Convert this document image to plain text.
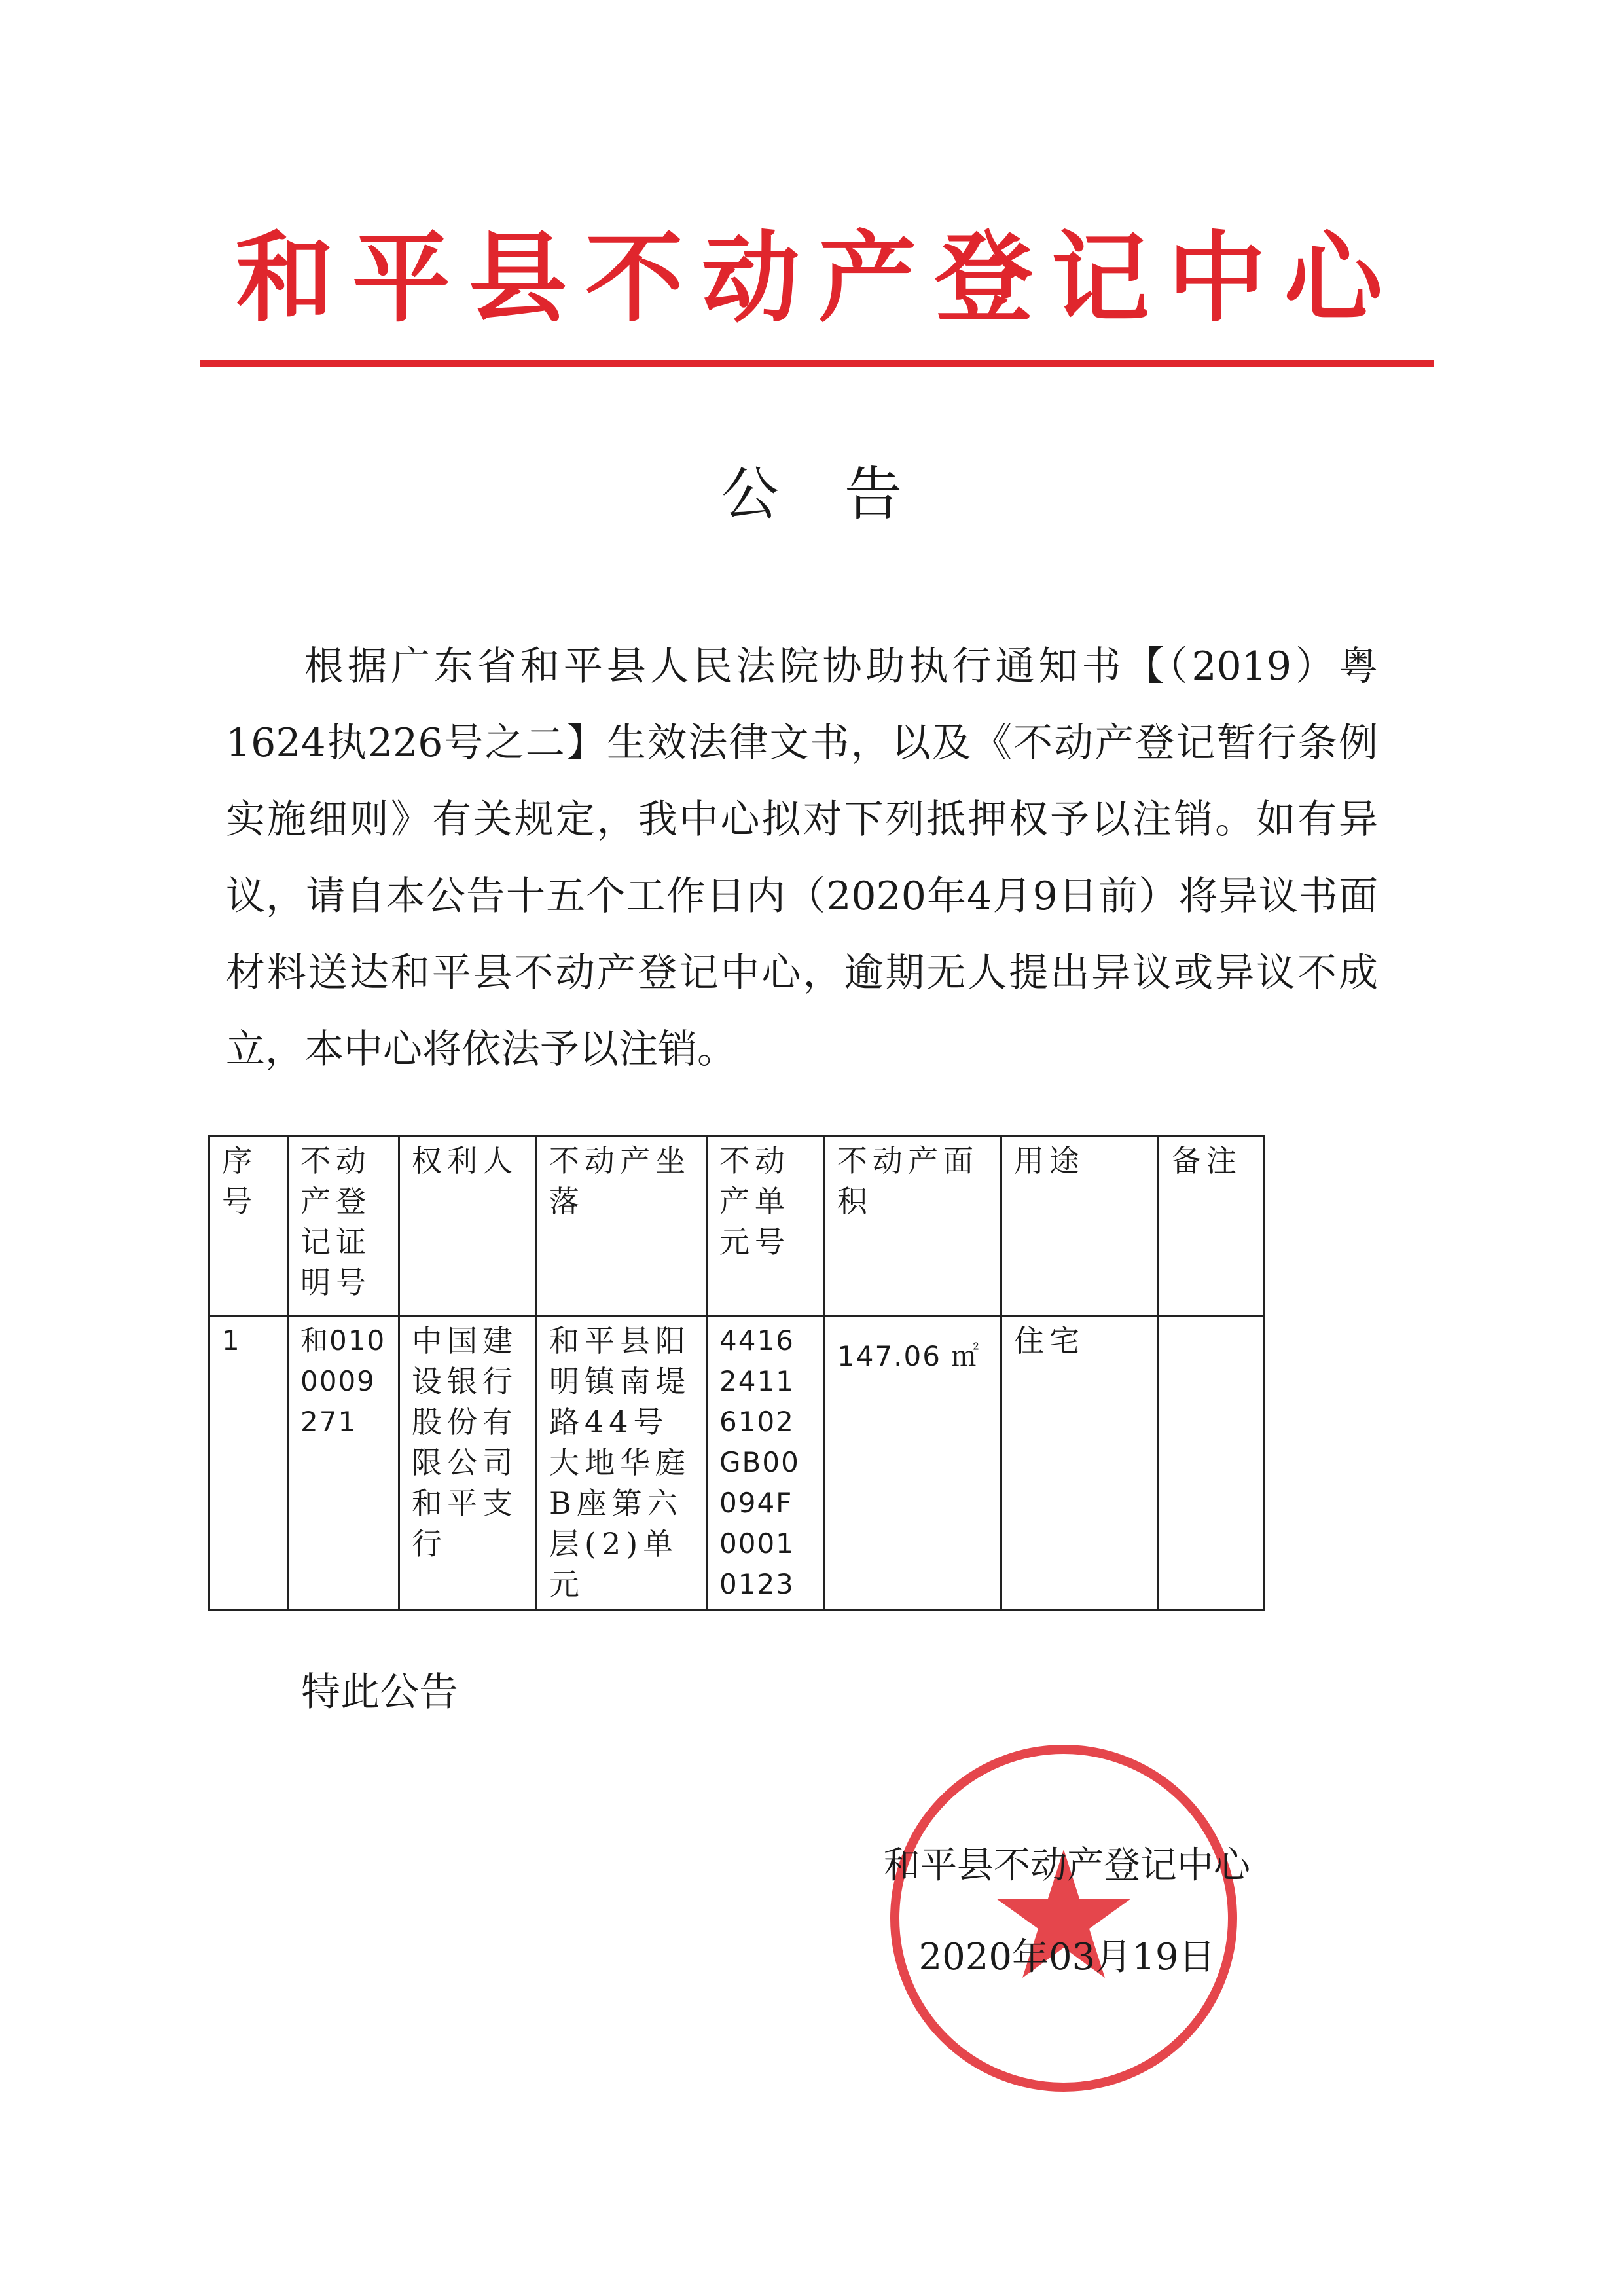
和平县不动产登记中心
公告
根据广东省和平县人民法院协助执行通知书【（2019）粤1624执226号之二】生效法律文书，以及《不动产登记暂行条例实施细则》有关规定，我中心拟对下列抵押权予以注销。如有异议，请自本公告十五个工作日内（2020年4月9日前）将异议书面材料送达和平县不动产登记中心，逾期无人提出异议或异议不成立，本中心将依法予以注销。
序号	不动产登记证明号	权利人	不动产坐落	不动产单元号	不动产面积	用途	备注
1	和0100009271	中国建设银行股份有限公司和平支行	和平县阳明镇南堤路44号大地华庭B座第六层(2)单元	441624116102GB00094F00010123	147.06 ㎡	住宅	
特此公告
和平县不动产登记中心
2020年03月19日
